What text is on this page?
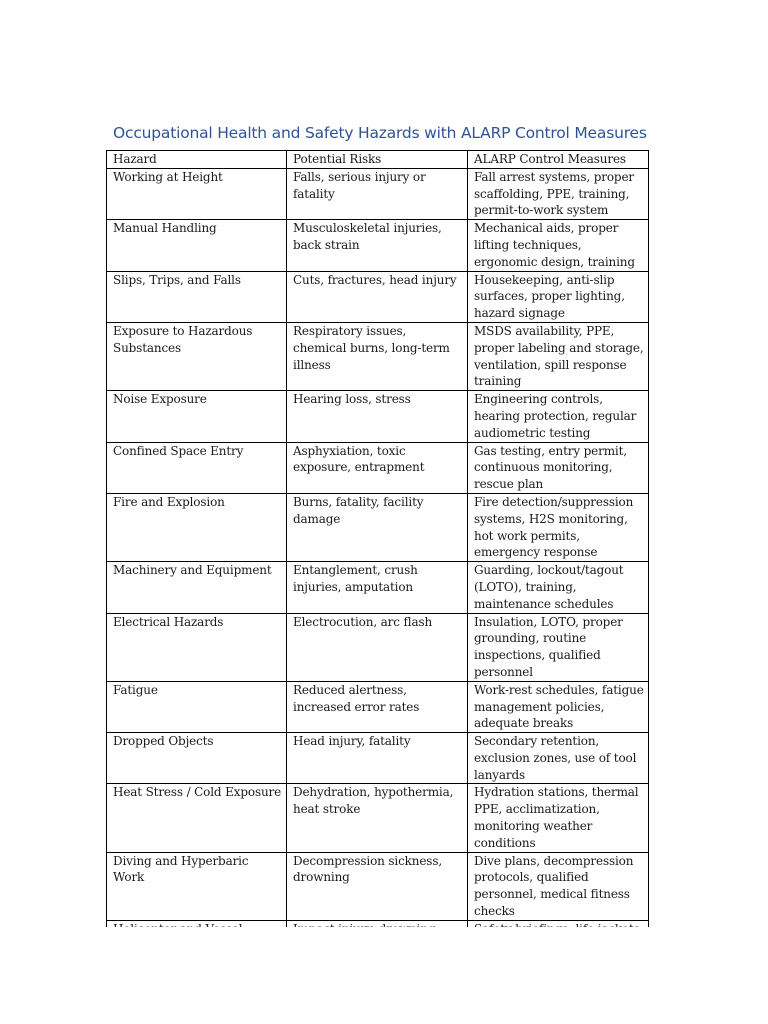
Occupational Health and Safety Hazards with ALARP Control Measures
Hazard	Potential Risks	ALARP Control Measures
Working at Height	Falls, serious injury or fatality	Fall arrest systems, proper scaffolding, PPE, training, permit-to-work system
Manual Handling	Musculoskeletal injuries, back strain	Mechanical aids, proper lifting techniques, ergonomic design, training
Slips, Trips, and Falls	Cuts, fractures, head injury	Housekeeping, anti-slip surfaces, proper lighting, hazard signage
Exposure to Hazardous Substances	Respiratory issues, chemical burns, long-term illness	MSDS availability, PPE, proper labeling and storage, ventilation, spill response training
Noise Exposure	Hearing loss, stress	Engineering controls, hearing protection, regular audiometric testing
Confined Space Entry	Asphyxiation, toxic exposure, entrapment	Gas testing, entry permit, continuous monitoring, rescue plan
Fire and Explosion	Burns, fatality, facility damage	Fire detection/suppression systems, H2S monitoring, hot work permits, emergency response
Machinery and Equipment	Entanglement, crush injuries, amputation	Guarding, lockout/tagout (LOTO), training, maintenance schedules
Electrical Hazards	Electrocution, arc flash	Insulation, LOTO, proper grounding, routine inspections, qualified personnel
Fatigue	Reduced alertness, increased error rates	Work-rest schedules, fatigue management policies, adequate breaks
Dropped Objects	Head injury, fatality	Secondary retention, exclusion zones, use of tool lanyards
Heat Stress / Cold Exposure	Dehydration, hypothermia, heat stroke	Hydration stations, thermal PPE, acclimatization, monitoring weather conditions
Diving and Hyperbaric Work	Decompression sickness, drowning	Dive plans, decompression protocols, qualified personnel, medical fitness checks
